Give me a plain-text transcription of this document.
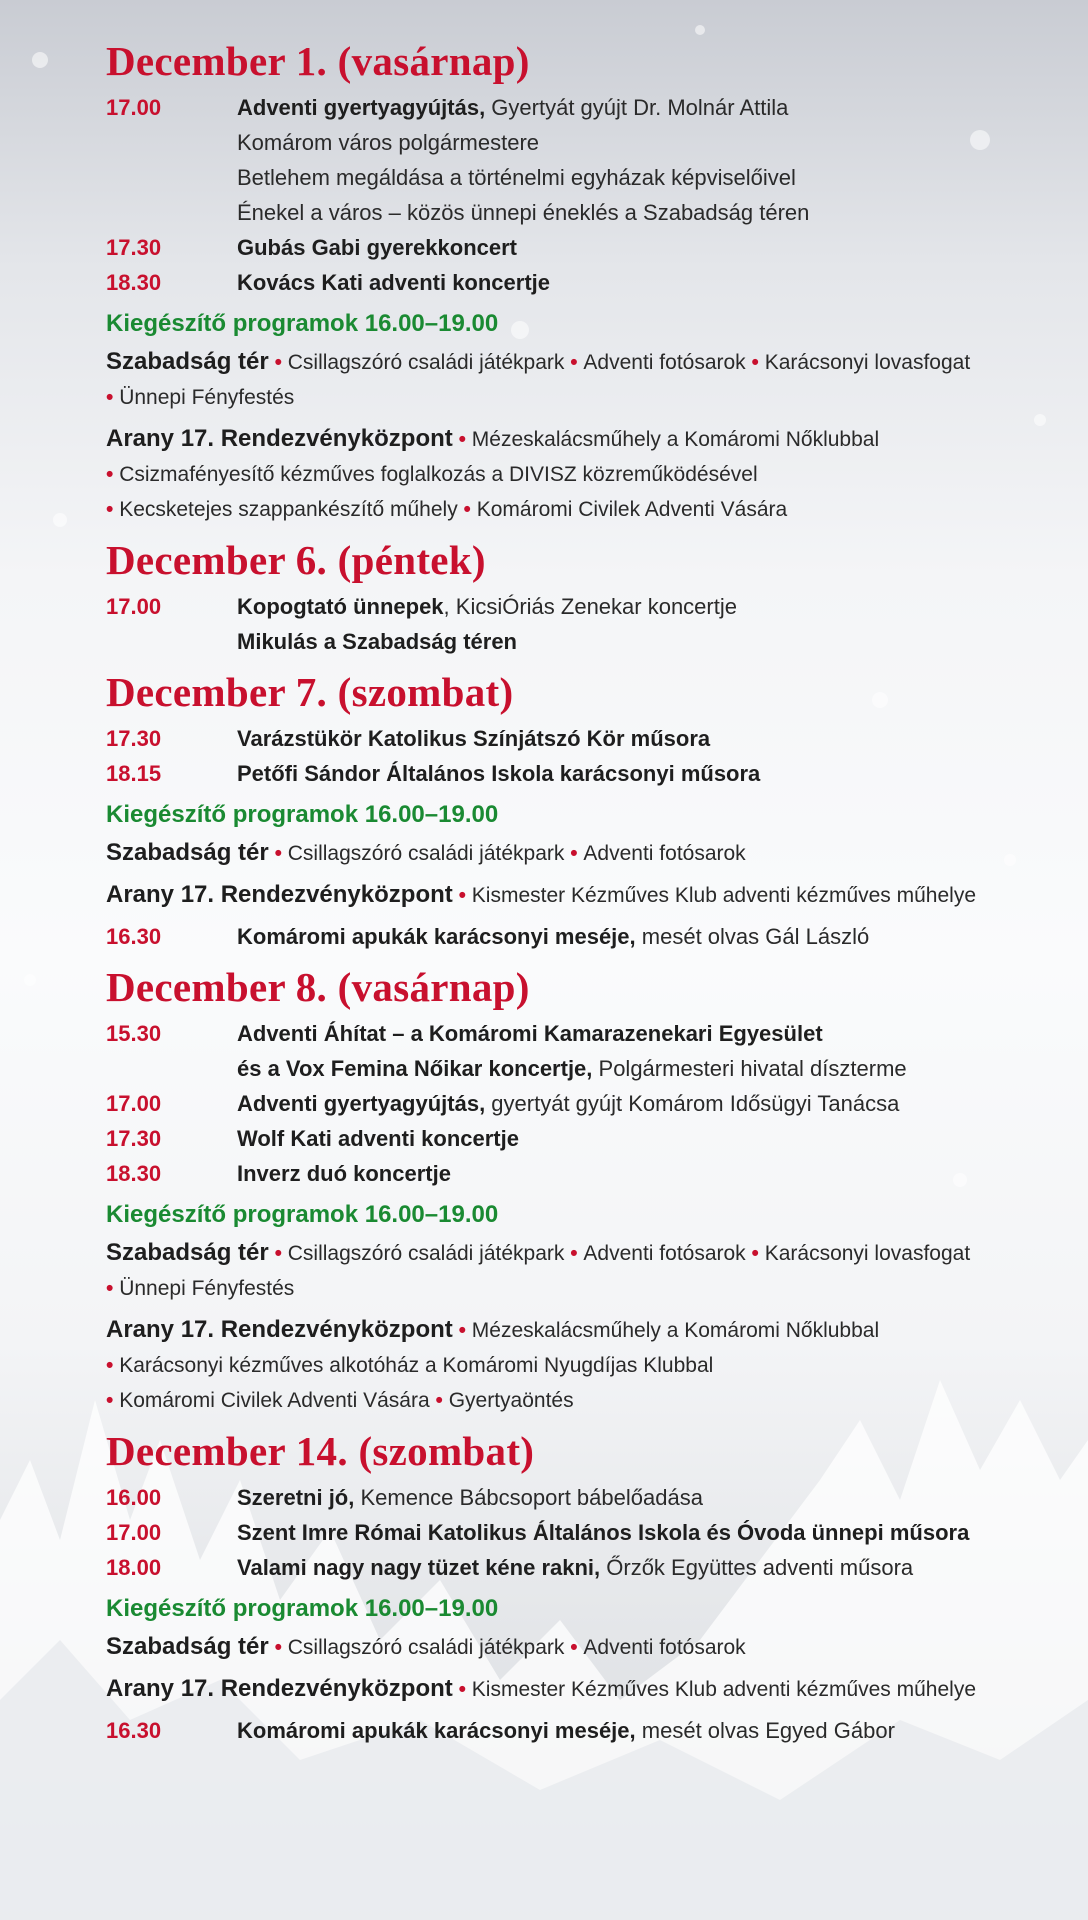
December 1. (vasárnap)
17.00	Adventi gyertyagyújtás, Gyertyát gyújt Dr. Molnár Attila
Komárom város polgármestere
Betlehem megáldása a történelmi egyházak képviselőivel
Énekel a város – közös ünnepi éneklés a Szabadság téren
17.30	Gubás Gabi gyerekkoncert
18.30	Kovács Kati adventi koncertje
Kiegészítő programok 16.00–19.00
Szabadság tér • Csillagszóró családi játékpark • Adventi fotósarok • Karácsonyi lovasfogat
• Ünnepi Fényfestés
Arany 17. Rendezvényközpont • Mézeskalácsműhely a Komáromi Nőklubbal
• Csizmafényesítő kézműves foglalkozás a DIVISZ közreműködésével
• Kecsketejes szappankészítő műhely • Komáromi Civilek Adventi Vására
December 6. (péntek)
17.00	Kopogtató ünnepek, KicsiÓriás Zenekar koncertje
Mikulás a Szabadság téren
December 7. (szombat)
17.30	Varázstükör Katolikus Színjátszó Kör műsora
18.15	Petőfi Sándor Általános Iskola karácsonyi műsora
Kiegészítő programok 16.00–19.00
Szabadság tér • Csillagszóró családi játékpark • Adventi fotósarok
Arany 17. Rendezvényközpont • Kismester Kézműves Klub adventi kézműves műhelye
16.30	Komáromi apukák karácsonyi meséje, mesét olvas Gál László
December 8. (vasárnap)
15.30	Adventi Áhítat – a Komáromi Kamarazenekari Egyesület
és a Vox Femina Nőikar koncertje, Polgármesteri hivatal díszterme
17.00	Adventi gyertyagyújtás, gyertyát gyújt Komárom Idősügyi Tanácsa
17.30	Wolf Kati adventi koncertje
18.30	Inverz duó koncertje
Kiegészítő programok 16.00–19.00
Szabadság tér • Csillagszóró családi játékpark • Adventi fotósarok • Karácsonyi lovasfogat
• Ünnepi Fényfestés
Arany 17. Rendezvényközpont • Mézeskalácsműhely a Komáromi Nőklubbal
• Karácsonyi kézműves alkotóház a Komáromi Nyugdíjas Klubbal
• Komáromi Civilek Adventi Vására • Gyertyaöntés
December 14. (szombat)
16.00	Szeretni jó, Kemence Bábcsoport bábelőadása
17.00	Szent Imre Római Katolikus Általános Iskola és Óvoda ünnepi műsora
18.00	Valami nagy nagy tüzet kéne rakni, Őrzők Együttes adventi műsora
Kiegészítő programok 16.00–19.00
Szabadság tér • Csillagszóró családi játékpark • Adventi fotósarok
Arany 17. Rendezvényközpont • Kismester Kézműves Klub adventi kézműves műhelye
16.30	Komáromi apukák karácsonyi meséje, mesét olvas Egyed Gábor
